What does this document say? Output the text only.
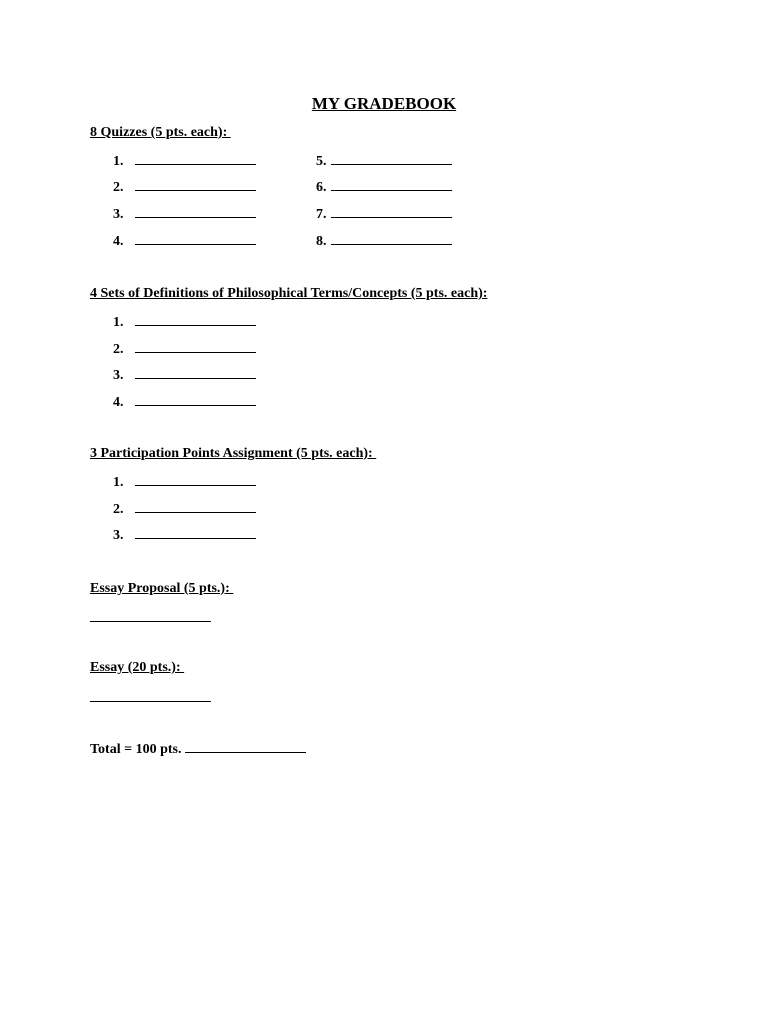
MY GRADEBOOK
8 Quizzes (5 pts. each):
1.
2.
3.
4.
5.
6.
7.
8.
4 Sets of Definitions of Philosophical Terms/Concepts (5 pts. each):
1.
2.
3.
4.
3 Participation Points Assignment (5 pts. each):
1.
2.
3.
Essay Proposal (5 pts.):
Essay (20 pts.):
Total = 100 pts.
